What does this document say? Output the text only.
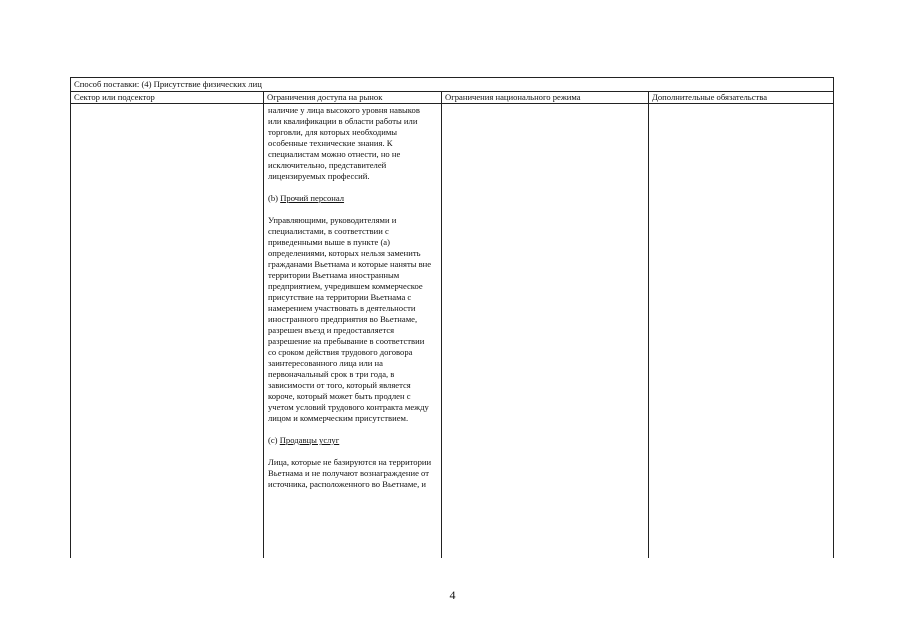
Способ поставки: (4) Присутствие физических лиц			
Сектор или подсектор	Ограничения доступа на рынок	Ограничения национального режима	Дополнительные обязательства

	наличие у лица высокого уровня навыков или квалификации в области работы или торговли, для которых необходимы особенные технические знания. К специалистам можно отнести, но не исключительно, представителей лицензируемых профессий.

(b) Прочий персонал

Управляющими, руководителями и специалистами, в соответствии с приведенными выше в пункте (a) определениями, которых нельзя заменить гражданами Вьетнама и которые наняты вне территории Вьетнама иностранным предприятием, учредившем коммерческое присутствие на территории Вьетнама с намерением участвовать в деятельности иностранного предприятия во Вьетнаме, разрешен въезд и предоставляется разрешение на пребывание в соответствии со сроком действия трудового договора заинтересованного лица или на первоначальный срок в три года, в зависимости от того, который является короче, который может быть продлен с учетом условий трудового контракта между лицом и коммерческим присутствием.

(c) Продавцы услуг

Лица, которые не базируются на территории Вьетнама и не получают вознаграждение от источника, расположенного во Вьетнаме, и		

4
